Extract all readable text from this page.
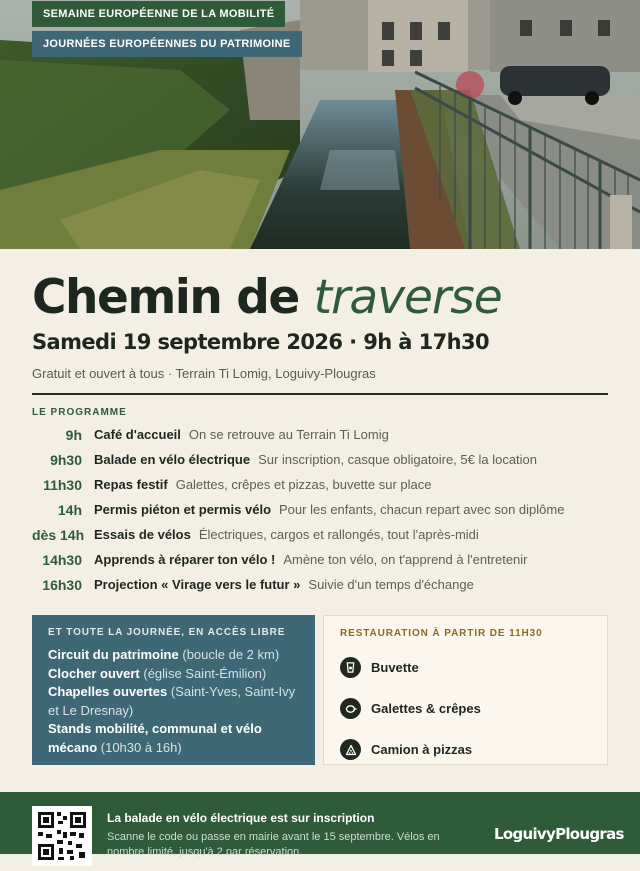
SEMAINE EUROPÉENNE DE LA MOBILITÉ
JOURNÉES EUROPÉENNES DU PATRIMOINE
Chemin de traverse
Samedi 19 septembre 2026 · 9h à 17h30
Gratuit et ouvert à tous · Terrain Ti Lomig, Loguivy-Plougras
LE PROGRAMME
9h Café d'accueil On se retrouve au Terrain Ti Lomig
9h30 Balade en vélo électrique Sur inscription, casque obligatoire, 5€ la location
11h30 Repas festif Galettes, crêpes et pizzas, buvette sur place
14h Permis piéton et permis vélo Pour les enfants, chacun repart avec son diplôme
dès 14h Essais de vélos Électriques, cargos et rallongés, tout l'après-midi
14h30 Apprends à réparer ton vélo ! Amène ton vélo, on t'apprend à l'entretenir
16h30 Projection « Virage vers le futur » Suivie d'un temps d'échange
ET TOUTE LA JOURNÉE, EN ACCÈS LIBRE
Circuit du patrimoine (boucle de 2 km)
Clocher ouvert (église Saint-Émilion)
Chapelles ouvertes (Saint-Yves, Saint-Ivy et Le Dresnay)
Stands mobilité, communal et vélo mécano (10h30 à 16h)
RESTAURATION À PARTIR DE 11H30
Buvette
Galettes & crêpes
Camion à pizzas
La balade en vélo électrique est sur inscription
Scanne le code ou passe en mairie avant le 15 septembre. Vélos en nombre limité, jusqu'à 2 par réservation.
LoguivyPlougras
